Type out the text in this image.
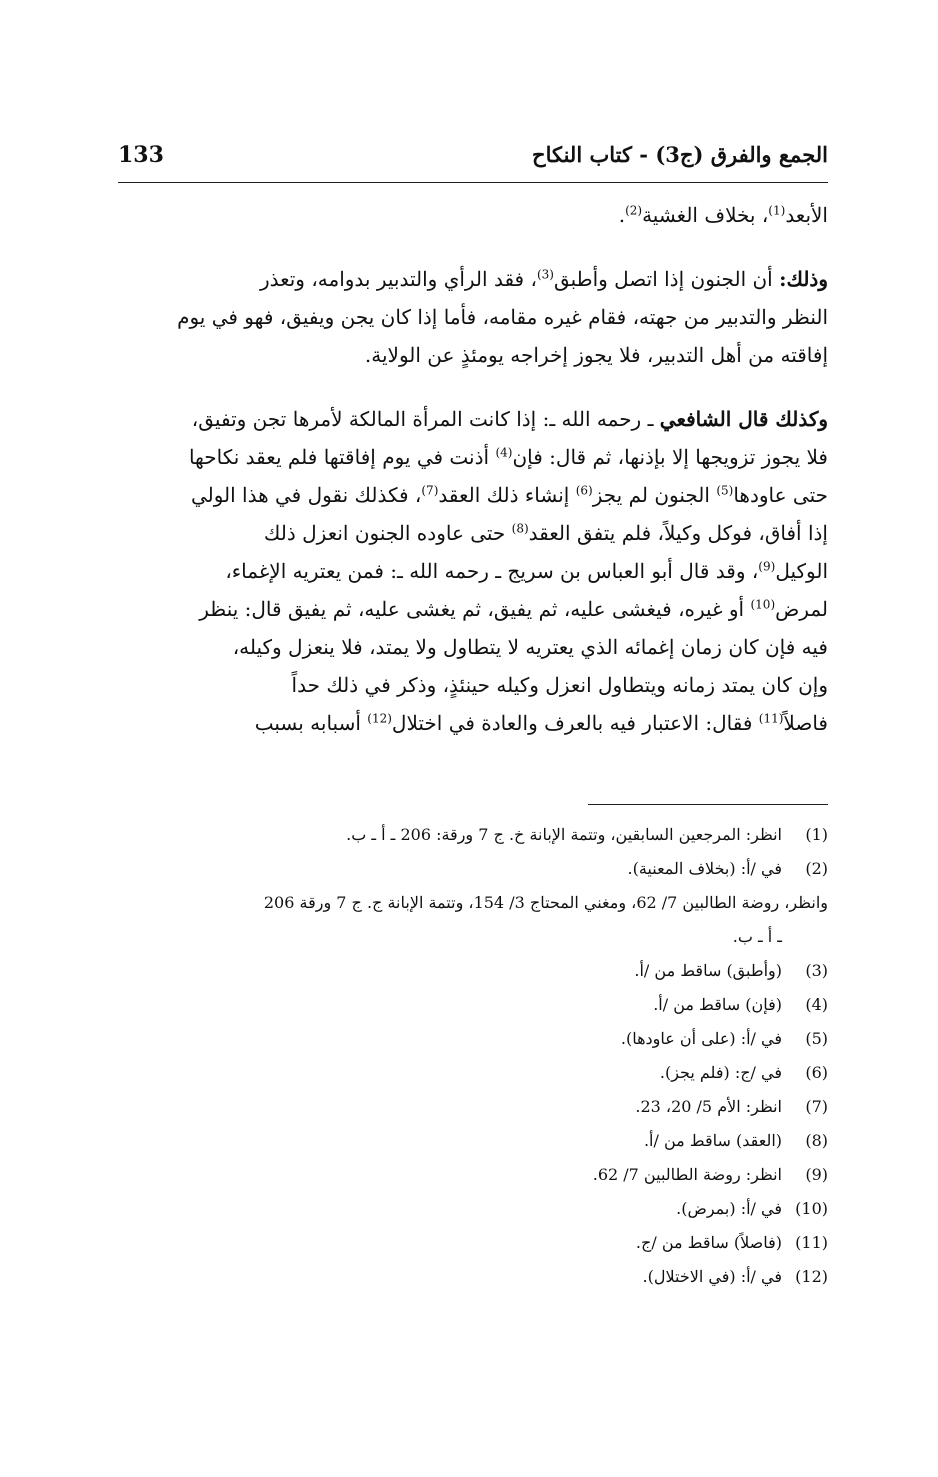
الجمع والفرق (ج3) - كتاب النكاح
133

الأبعد$^{(1)}$، بخلاف الغشية$^{(2)}$.

وذلك: أن الجنون إذا اتصل وأطبق$^{(3)}$، فقد الرأي والتدبير بدوامه، وتعذر
النظر والتدبير من جهته، فقام غيره مقامه، فأما إذا كان يجن ويفيق، فهو في يوم
إفاقته من أهل التدبير، فلا يجوز إخراجه يومئذٍ عن الولاية.

وكذلك قال الشافعي ـ رحمه الله ـ: إذا كانت المرأة المالكة لأمرها تجن وتفيق،
فلا يجوز تزويجها إلا بإذنها، ثم قال: فإن$^{(4)}$ أذنت في يوم إفاقتها فلم يعقد نكاحها
حتى عاودها$^{(5)}$ الجنون لم يجز$^{(6)}$ إنشاء ذلك العقد$^{(7)}$، فكذلك نقول في هذا الولي
إذا أفاق، فوكل وكيلاً، فلم يتفق العقد$^{(8)}$ حتى عاوده الجنون انعزل ذلك
الوكيل$^{(9)}$، وقد قال أبو العباس بن سريج ـ رحمه الله ـ: فمن يعتريه الإغماء،
لمرض$^{(10)}$ أو غيره، فيغشى عليه، ثم يفيق، ثم يغشى عليه، ثم يفيق قال: ينظر
فيه فإن كان زمان إغمائه الذي يعتريه لا يتطاول ولا يمتد، فلا ينعزل وكيله،
وإن كان يمتد زمانه ويتطاول انعزل وكيله حينئذٍ، وذكر في ذلك حداً
فاصلاً$^{(11)}$ فقال: الاعتبار فيه بالعرف والعادة في اختلال$^{(12)}$ أسبابه بسبب

(1)
انظر: المرجعين السابقين، وتتمة الإبانة خ. ج 7 ورقة: 206 ـ أ ـ ب.
(2)
في /أ: (بخلاف المعنية).
وانظر، روضة الطالبين 7/ 62، ومغني المحتاج 3/ 154، وتتمة الإبانة ج. ج 7 ورقة 206
ـ أ ـ ب.
(3)
(وأطبق) ساقط من /أ.
(4)
(فإن) ساقط من /أ.
(5)
في /أ: (على أن عاودها).
(6)
في /ج: (فلم يجز).
(7)
انظر: الأم 5/ 20، 23.
(8)
(العقد) ساقط من /أ.
(9)
انظر: روضة الطالبين 7/ 62.
(10)
في /أ: (بمرض).
(11)
(فاصلاً) ساقط من /ج.
(12)
في /أ: (في الاختلال).
